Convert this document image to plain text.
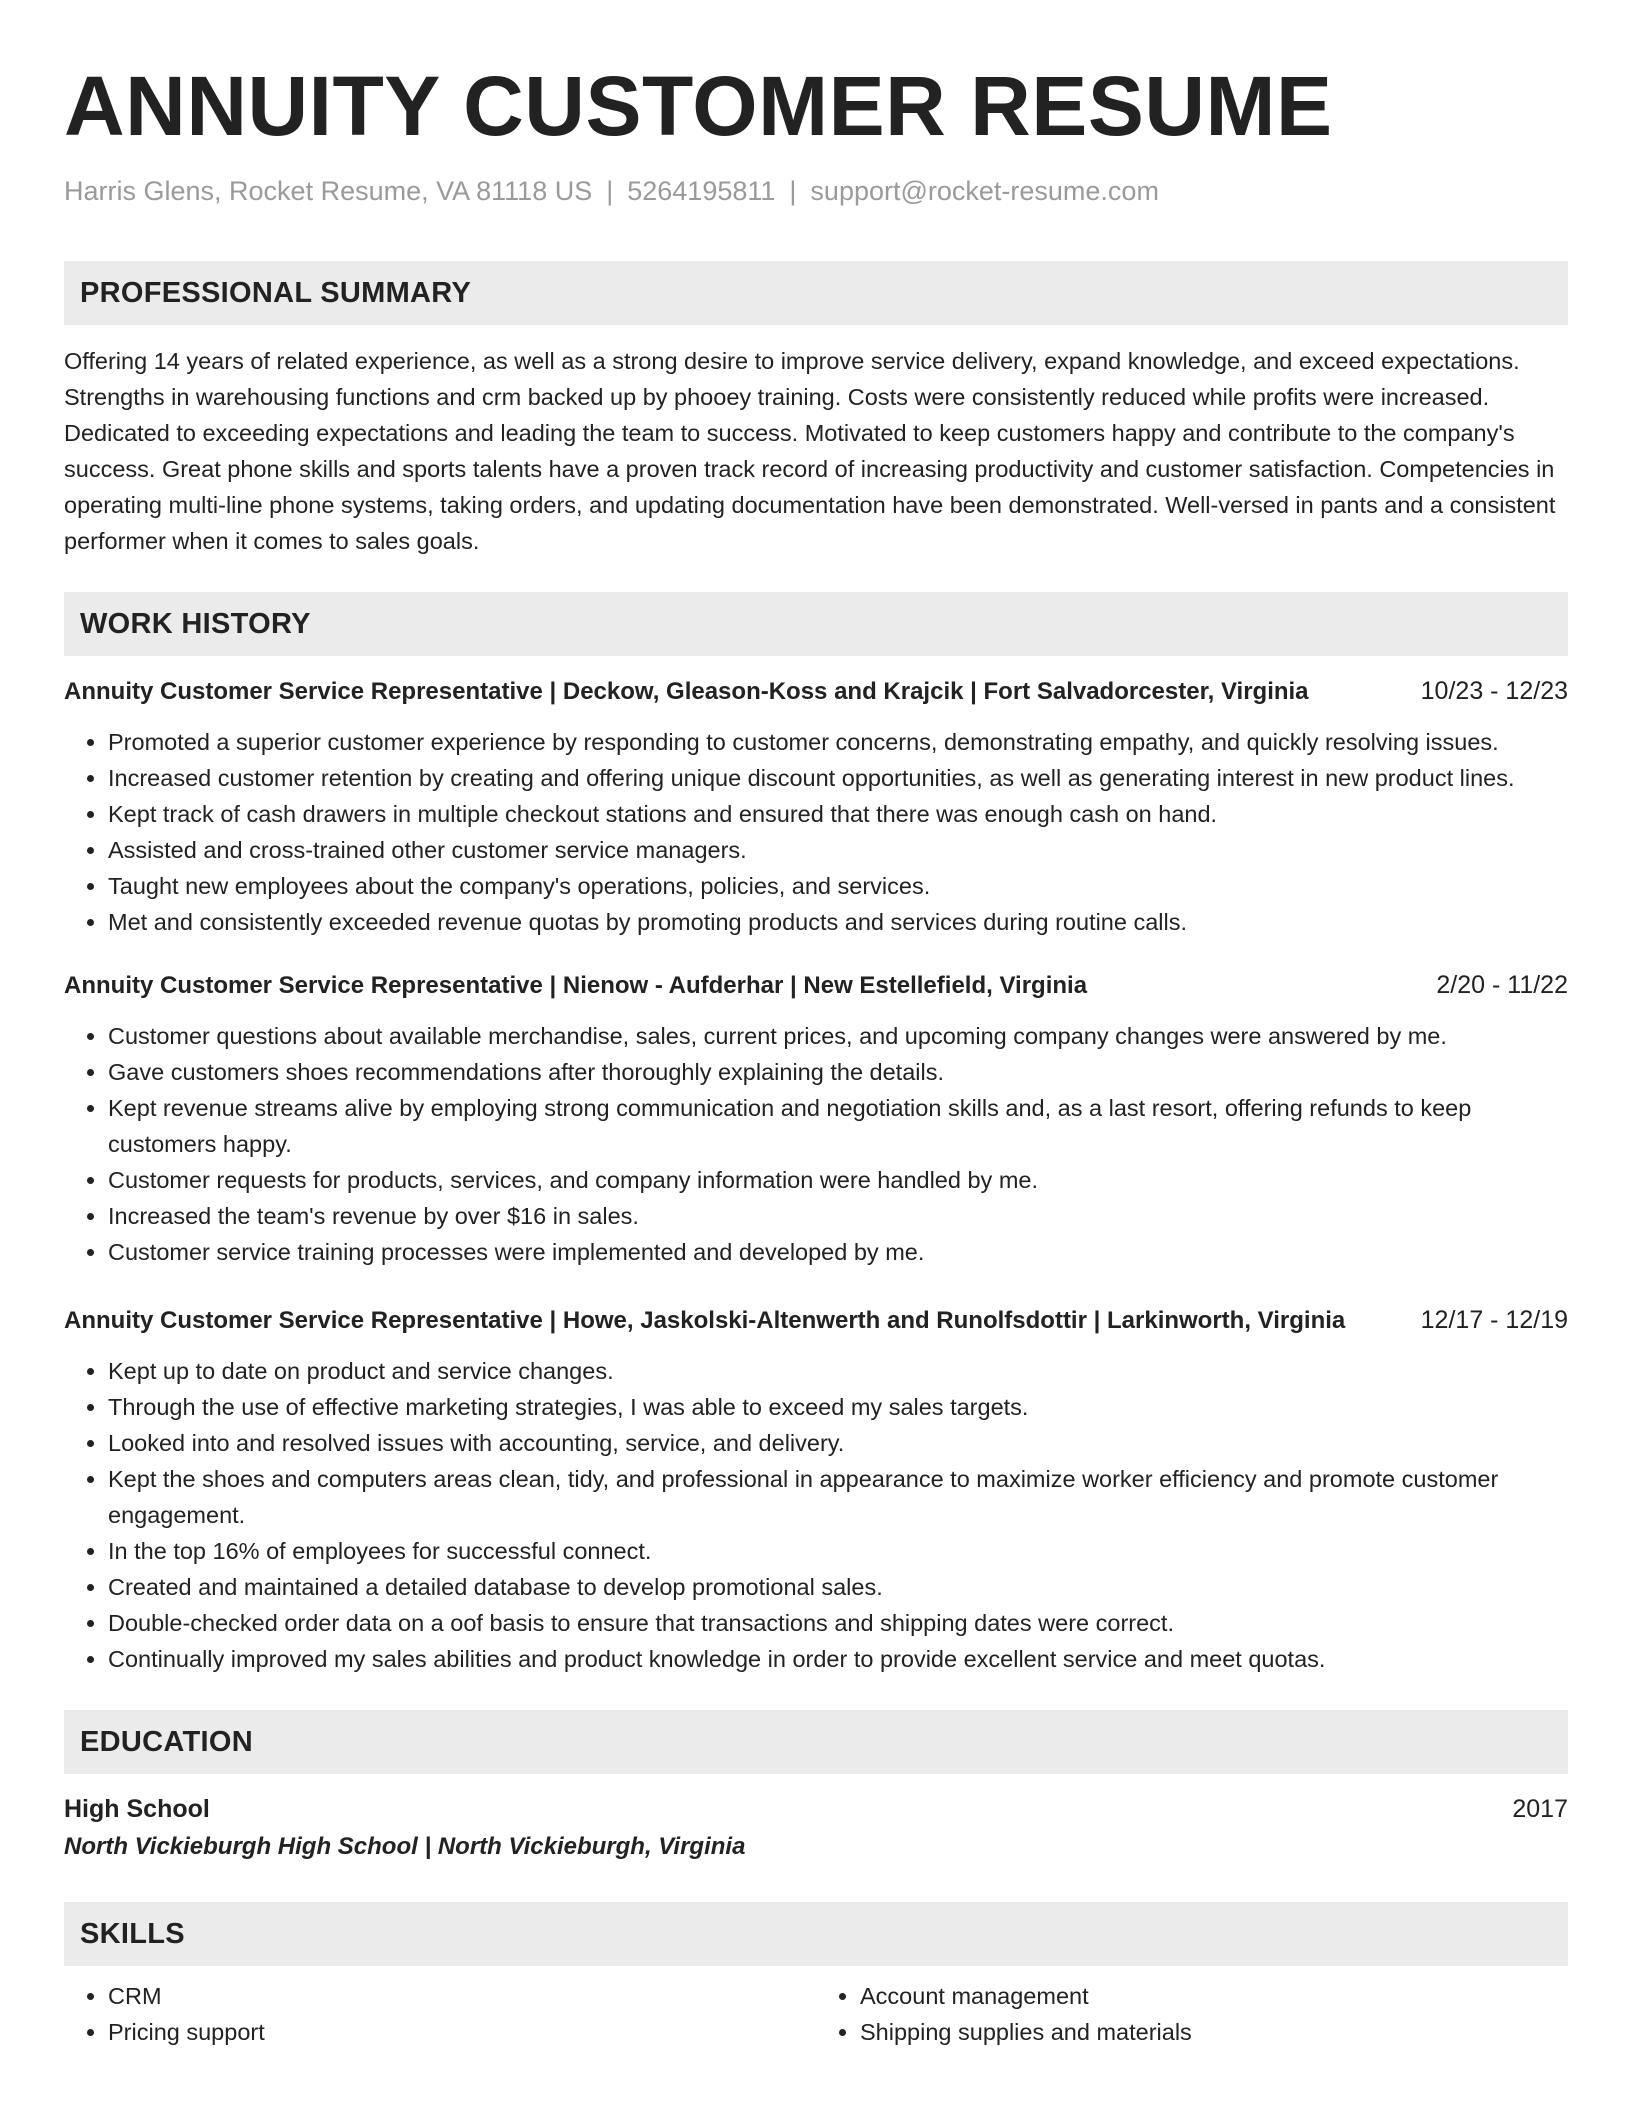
ANNUITY CUSTOMER RESUME
Harris Glens, Rocket Resume, VA 81118 US | 5264195811 | support@rocket-resume.com
PROFESSIONAL SUMMARY
Offering 14 years of related experience, as well as a strong desire to improve service delivery, expand knowledge, and exceed expectations. Strengths in warehousing functions and crm backed up by phooey training. Costs were consistently reduced while profits were increased. Dedicated to exceeding expectations and leading the team to success. Motivated to keep customers happy and contribute to the company's success. Great phone skills and sports talents have a proven track record of increasing productivity and customer satisfaction. Competencies in operating multi-line phone systems, taking orders, and updating documentation have been demonstrated. Well-versed in pants and a consistent performer when it comes to sales goals.
WORK HISTORY
Annuity Customer Service Representative | Deckow, Gleason-Koss and Krajcik | Fort Salvadorcester, Virginia	10/23 - 12/23
• Promoted a superior customer experience by responding to customer concerns, demonstrating empathy, and quickly resolving issues.
• Increased customer retention by creating and offering unique discount opportunities, as well as generating interest in new product lines.
• Kept track of cash drawers in multiple checkout stations and ensured that there was enough cash on hand.
• Assisted and cross-trained other customer service managers.
• Taught new employees about the company's operations, policies, and services.
• Met and consistently exceeded revenue quotas by promoting products and services during routine calls.
Annuity Customer Service Representative | Nienow - Aufderhar | New Estellefield, Virginia	2/20 - 11/22
• Customer questions about available merchandise, sales, current prices, and upcoming company changes were answered by me.
• Gave customers shoes recommendations after thoroughly explaining the details.
• Kept revenue streams alive by employing strong communication and negotiation skills and, as a last resort, offering refunds to keep customers happy.
• Customer requests for products, services, and company information were handled by me.
• Increased the team's revenue by over $16 in sales.
• Customer service training processes were implemented and developed by me.
Annuity Customer Service Representative | Howe, Jaskolski-Altenwerth and Runolfsdottir | Larkinworth, Virginia	12/17 - 12/19
• Kept up to date on product and service changes.
• Through the use of effective marketing strategies, I was able to exceed my sales targets.
• Looked into and resolved issues with accounting, service, and delivery.
• Kept the shoes and computers areas clean, tidy, and professional in appearance to maximize worker efficiency and promote customer engagement.
• In the top 16% of employees for successful connect.
• Created and maintained a detailed database to develop promotional sales.
• Double-checked order data on a oof basis to ensure that transactions and shipping dates were correct.
• Continually improved my sales abilities and product knowledge in order to provide excellent service and meet quotas.
EDUCATION
High School	2017
North Vickieburgh High School | North Vickieburgh, Virginia
SKILLS
• CRM
• Pricing support
• Account management
• Shipping supplies and materials
